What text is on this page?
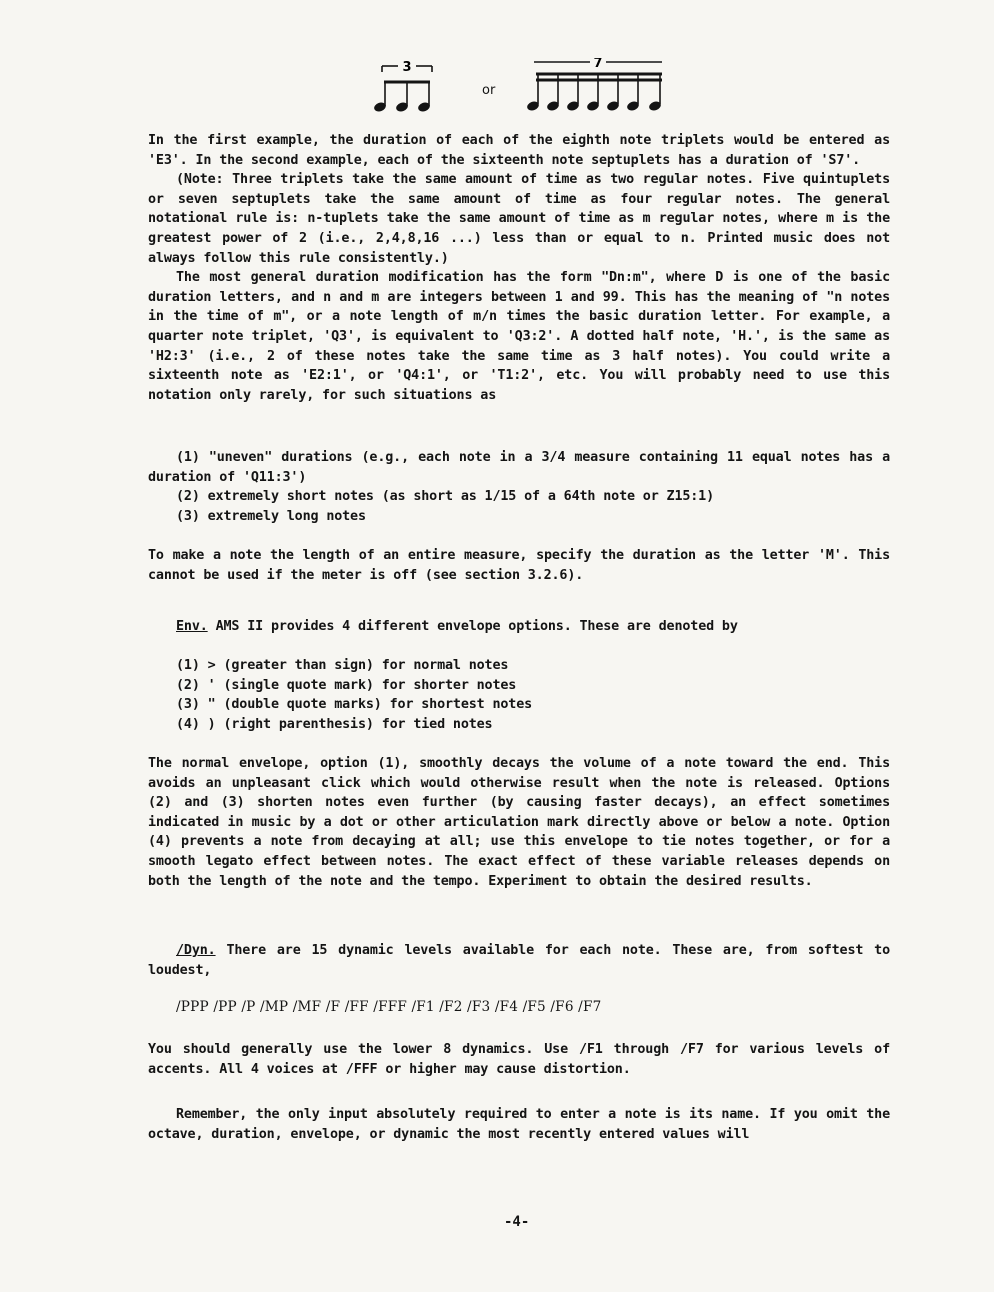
3	7
or

In the first example, the duration of each of the eighth note triplets would be entered as 'E3'. In the second example, each of the sixteenth note septuplets has a duration of 'S7'.

(Note: Three triplets take the same amount of time as two regular notes. Five quintuplets or seven septuplets take the same amount of time as four regular notes. The general notational rule is: n-tuplets take the same amount of time as m regular notes, where m is the greatest power of 2 (i.e., 2,4,8,16 ...) less than or equal to n. Printed music does not always follow this rule consistently.)

The most general duration modification has the form "Dn:m", where D is one of the basic duration letters, and n and m are integers between 1 and 99. This has the meaning of "n notes in the time of m", or a note length of m/n times the basic duration letter. For example, a quarter note triplet, 'Q3', is equivalent to 'Q3:2'. A dotted half note, 'H.', is the same as 'H2:3' (i.e., 2 of these notes take the same time as 3 half notes). You could write a sixteenth note as 'E2:1', or 'Q4:1', or 'T1:2', etc. You will probably need to use this notation only rarely, for such situations as

(1) "uneven" durations (e.g., each note in a 3/4 measure containing 11 equal notes has a duration of 'Q11:3')

(2) extremely short notes (as short as 1/15 of a 64th note or Z15:1)

(3) extremely long notes

To make a note the length of an entire measure, specify the duration as the letter 'M'. This cannot be used if the meter is off (see section 3.2.6).

Env. AMS II provides 4 different envelope options. These are denoted by

(1) > (greater than sign) for normal notes

(2) ' (single quote mark) for shorter notes

(3) " (double quote marks) for shortest notes

(4) ) (right parenthesis) for tied notes

The normal envelope, option (1), smoothly decays the volume of a note toward the end. This avoids an unpleasant click which would otherwise result when the note is released. Options (2) and (3) shorten notes even further (by causing faster decays), an effect sometimes indicated in music by a dot or other articulation mark directly above or below a note. Option (4) prevents a note from decaying at all; use this envelope to tie notes together, or for a smooth legato effect between notes. The exact effect of these variable releases depends on both the length of the note and the tempo. Experiment to obtain the desired results.

/Dyn. There are 15 dynamic levels available for each note. These are, from softest to loudest,

/PPP /PP /P /MP /MF /F /FF /FFF /F1 /F2 /F3 /F4 /F5 /F6 /F7

You should generally use the lower 8 dynamics. Use /F1 through /F7 for various levels of accents. All 4 voices at /FFF or higher may cause distortion.

Remember, the only input absolutely required to enter a note is its name. If you omit the octave, duration, envelope, or dynamic the most recently entered values will

-4-
